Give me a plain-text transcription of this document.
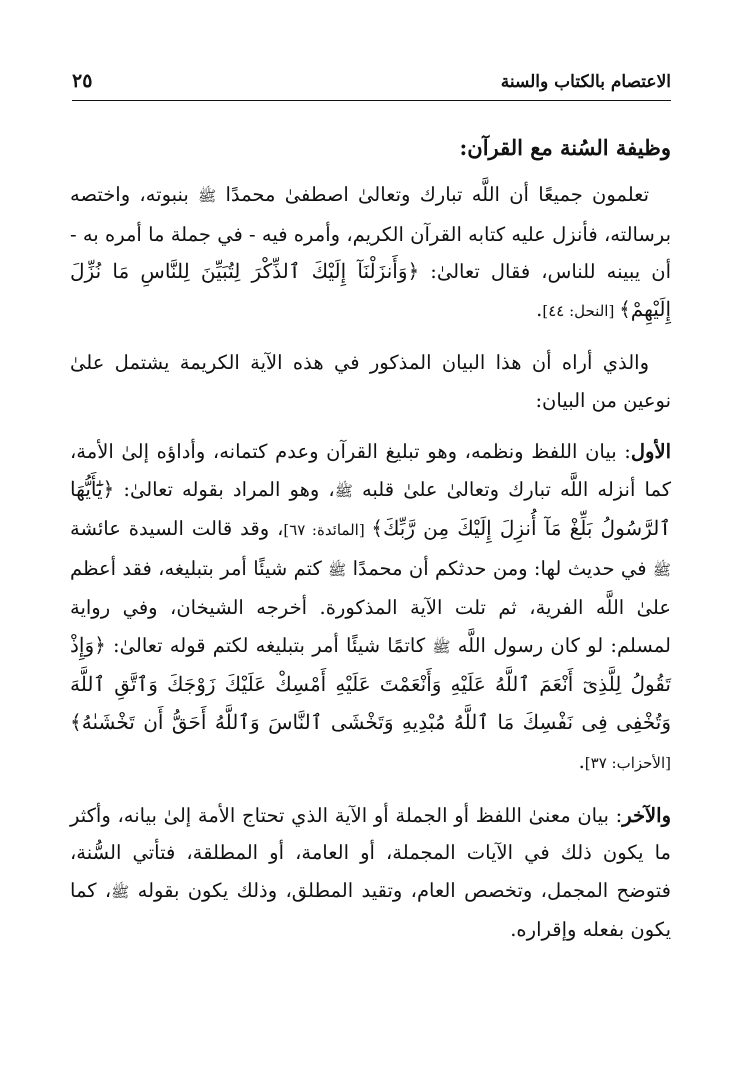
الاعتصام بالكتاب والسنة
٢٥
وظيفة السُنة مع القرآن:

تعلمون جميعًا أن اللَّه تبارك وتعالىٰ اصطفىٰ محمدًا ﷺ بنبوته، واختصه برسالته، فأنزل عليه كتابه القرآن الكريم، وأمره فيه - في جملة ما أمره به - أن يبينه للناس، فقال تعالىٰ: ﴿وَأَنزَلْنَآ إِلَيْكَ ٱلذِّكْرَ لِتُبَيِّنَ لِلنَّاسِ مَا نُزِّلَ إِلَيْهِمْ﴾ [النحل: ٤٤].

والذي أراه أن هذا البيان المذكور في هذه الآية الكريمة يشتمل علىٰ نوعين من البيان:

الأول: بيان اللفظ ونظمه، وهو تبليغ القرآن وعدم كتمانه، وأداؤه إلىٰ الأمة، كما أنزله اللَّه تبارك وتعالىٰ علىٰ قلبه ﷺ، وهو المراد بقوله تعالىٰ: ﴿يَٰٓأَيُّهَا ٱلرَّسُولُ بَلِّغْ مَآ أُنزِلَ إِلَيْكَ مِن رَّبِّكَ﴾ [المائدة: ٦٧]، وقد قالت السيدة عائشة ﷺ في حديث لها: ومن حدثكم أن محمدًا ﷺ كتم شيئًا أمر بتبليغه، فقد أعظم علىٰ اللَّه الفرية، ثم تلت الآية المذكورة. أخرجه الشيخان، وفي رواية لمسلم: لو كان رسول اللَّه ﷺ كاتمًا شيئًا أمر بتبليغه لكتم قوله تعالىٰ: ﴿وَإِذْ تَقُولُ لِلَّذِىٓ أَنْعَمَ ٱللَّهُ عَلَيْهِ وَأَنْعَمْتَ عَلَيْهِ أَمْسِكْ عَلَيْكَ زَوْجَكَ وَٱتَّقِ ٱللَّهَ وَتُخْفِى فِى نَفْسِكَ مَا ٱللَّهُ مُبْدِيهِ وَتَخْشَى ٱلنَّاسَ وَٱللَّهُ أَحَقُّ أَن تَخْشَىٰهُ﴾ [الأحزاب: ٣٧].

والآخر: بيان معنىٰ اللفظ أو الجملة أو الآية الذي تحتاج الأمة إلىٰ بيانه، وأكثر ما يكون ذلك في الآيات المجملة، أو العامة، أو المطلقة، فتأتي السُّنة، فتوضح المجمل، وتخصص العام، وتقيد المطلق، وذلك يكون بقوله ﷺ، كما يكون بفعله وإقراره.
